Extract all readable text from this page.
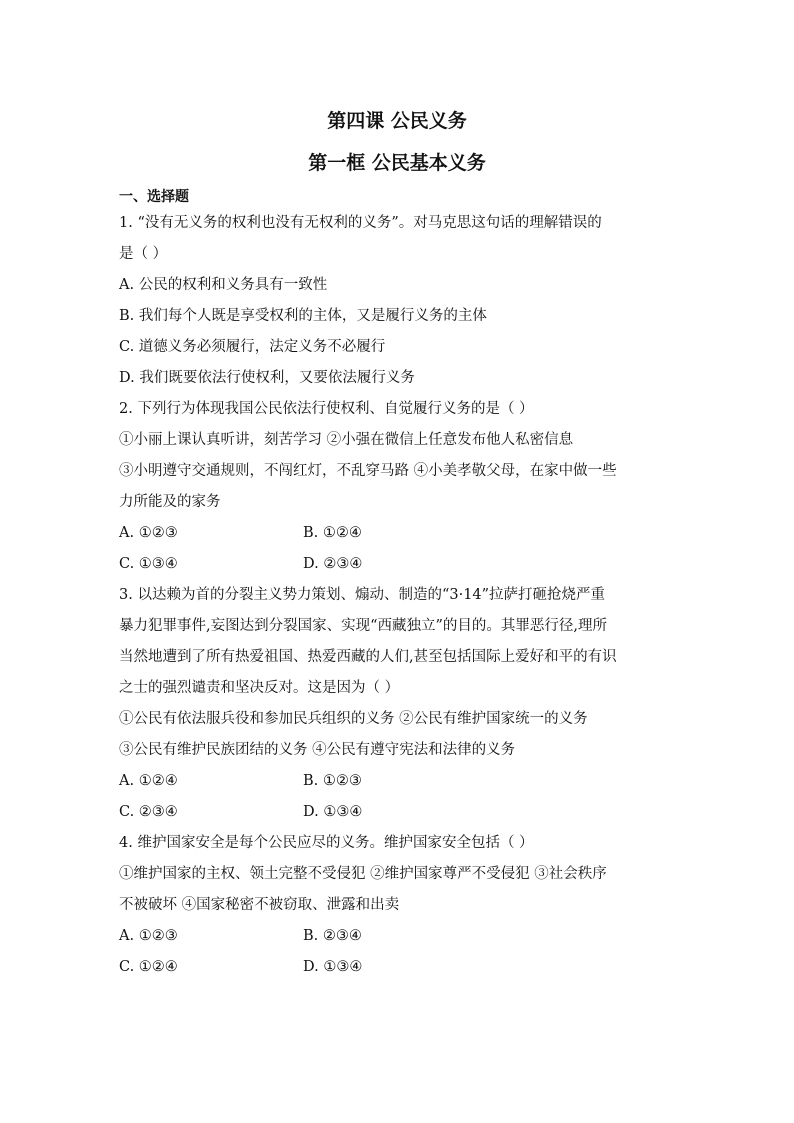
第四课 公民义务
第一框 公民基本义务
一、选择题
1. “没有无义务的权利也没有无权利的义务”。对马克思这句话的理解错误的
是（ ）
A. 公民的权利和义务具有一致性
B. 我们每个人既是享受权利的主体，又是履行义务的主体
C. 道德义务必须履行，法定义务不必履行
D. 我们既要依法行使权利，又要依法履行义务
2. 下列行为体现我国公民依法行使权利、自觉履行义务的是（ ）
①小丽上课认真听讲，刻苦学习 ②小强在微信上任意发布他人私密信息
③小明遵守交通规则，不闯红灯，不乱穿马路 ④小美孝敬父母，在家中做一些
力所能及的家务
A. ①②③	B. ①②④
C. ①③④	D. ②③④
3. 以达赖为首的分裂主义势力策划、煽动、制造的“3·14”拉萨打砸抢烧严重
暴力犯罪事件,妄图达到分裂国家、实现“西藏独立”的目的。其罪恶行径,理所
当然地遭到了所有热爱祖国、热爱西藏的人们,甚至包括国际上爱好和平的有识
之士的强烈谴责和坚决反对。这是因为（ ）
①公民有依法服兵役和参加民兵组织的义务 ②公民有维护国家统一的义务
③公民有维护民族团结的义务 ④公民有遵守宪法和法律的义务
A. ①②④	B. ①②③
C. ②③④	D. ①③④
4. 维护国家安全是每个公民应尽的义务。维护国家安全包括（ ）
①维护国家的主权、领土完整不受侵犯 ②维护国家尊严不受侵犯 ③社会秩序
不被破坏 ④国家秘密不被窃取、泄露和出卖
A. ①②③	B. ②③④
C. ①②④	D. ①③④
